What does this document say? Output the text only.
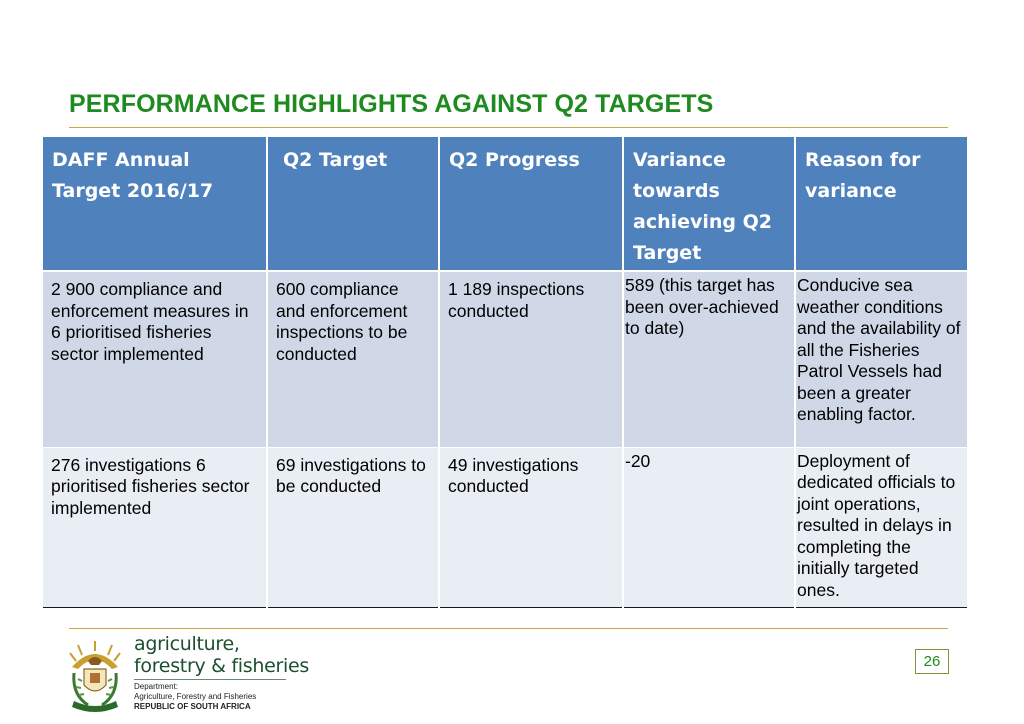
PERFORMANCE HIGHLIGHTS AGAINST Q2 TARGETS
DAFF Annual Target 2016/17	Q2 Target	Q2 Progress	Variance towards achieving Q2 Target	Reason for variance
2 900 compliance and enforcement measures in 6 prioritised fisheries sector implemented	600 compliance and enforcement inspections to be conducted	1 189 inspections conducted	589 (this target has been over-achieved to date)	Conducive sea weather conditions and the availability of all the Fisheries Patrol Vessels had been a greater enabling factor.
276 investigations 6 prioritised fisheries sector implemented	69 investigations to be conducted	49 investigations conducted	-20	Deployment of dedicated officials to joint operations, resulted in delays in completing the initially targeted ones.
agriculture,
forestry & fisheries
Department:
Agriculture, Forestry and Fisheries
REPUBLIC OF SOUTH AFRICA
26
